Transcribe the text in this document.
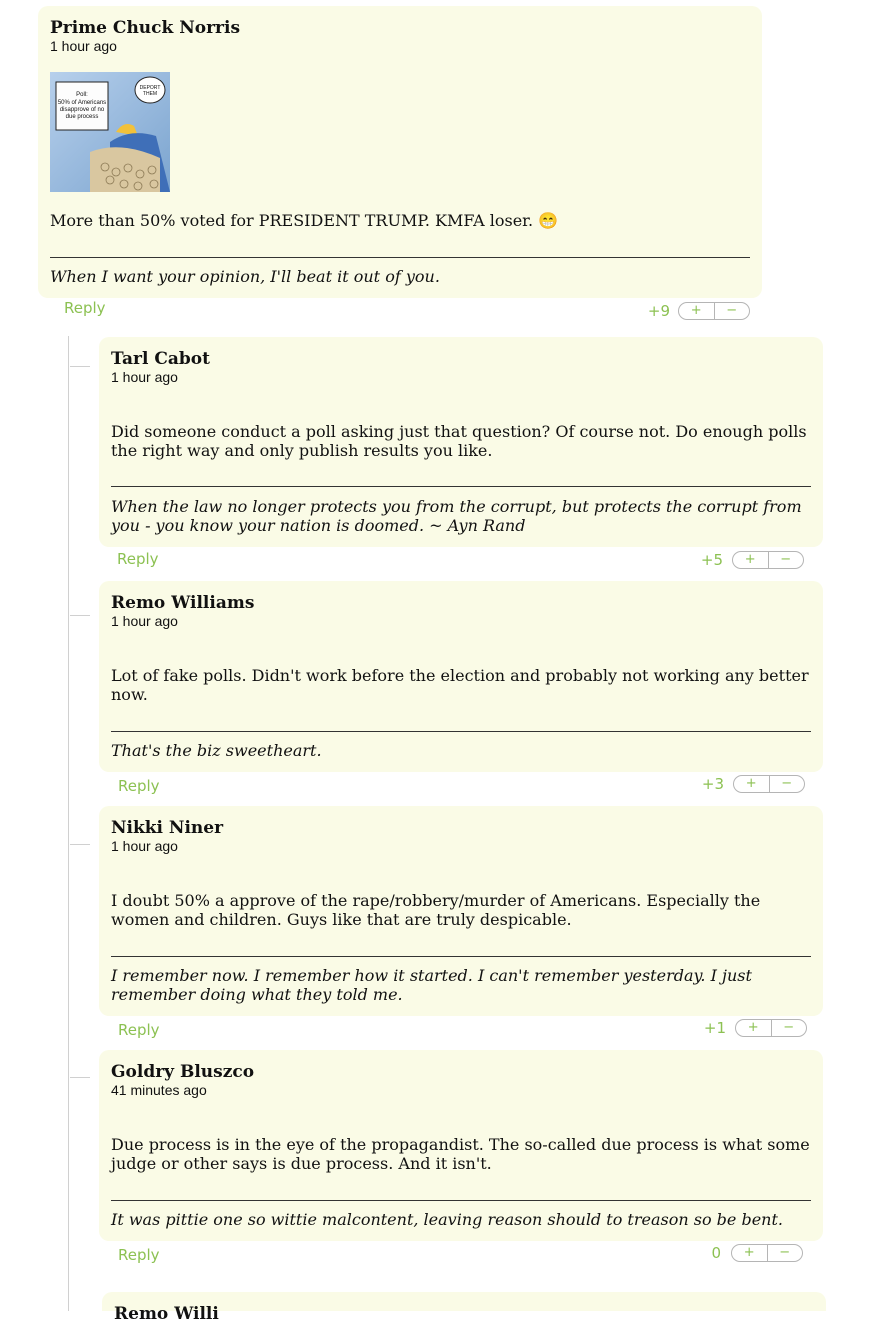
Prime Chuck Norris
1 hour ago
Poll:
50% of Americans
disapprove of no
due process
DEPORT
THEM
More than 50% voted for PRESIDENT TRUMP. KMFA loser. 😁
When I want your opinion, I'll beat it out of you.
Reply	+9	+	−
Tarl Cabot
1 hour ago
Did someone conduct a poll asking just that question? Of course not. Do enough polls the right way and only publish results you like.
When the law no longer protects you from the corrupt, but protects the corrupt from you - you know your nation is doomed. ~ Ayn Rand
Reply	+5	+	−
Remo Williams
1 hour ago
Lot of fake polls. Didn't work before the election and probably not working any better now.
That's the biz sweetheart.
Reply	+3	+	−
Nikki Niner
1 hour ago
I doubt 50% a approve of the rape/robbery/murder of Americans. Especially the women and children. Guys like that are truly despicable.
I remember now. I remember how it started. I can't remember yesterday. I just remember doing what they told me.
Reply	+1	+	−
Goldry Bluszco
41 minutes ago
Due process is in the eye of the propagandist. The so-called due process is what some judge or other says is due process. And it isn't.
It was pittie one so wittie malcontent, leaving reason should to treason so be bent.
Reply	0	+	−
Remo Willi
